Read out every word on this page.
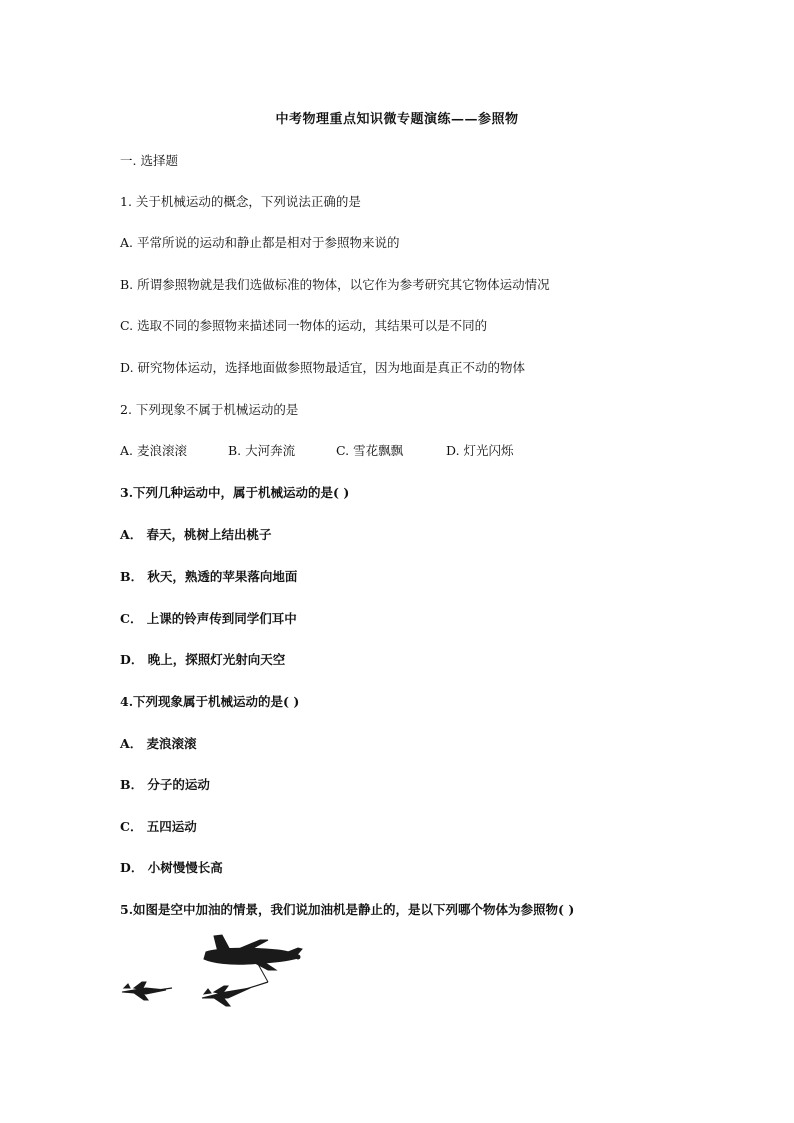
中考物理重点知识微专题演练——参照物
一. 选择题
1. 关于机械运动的概念，下列说法正确的是
A. 平常所说的运动和静止都是相对于参照物来说的
B. 所谓参照物就是我们选做标准的物体，以它作为参考研究其它物体运动情况
C. 选取不同的参照物来描述同一物体的运动，其结果可以是不同的
D. 研究物体运动，选择地面做参照物最适宜，因为地面是真正不动的物体
2. 下列现象不属于机械运动的是
A. 麦浪滚滚	B. 大河奔流	C. 雪花飘飘	D. 灯光闪烁
3.下列几种运动中，属于机械运动的是( )
A． 春天，桃树上结出桃子
B． 秋天，熟透的苹果落向地面
C． 上课的铃声传到同学们耳中
D． 晚上，探照灯光射向天空
4.下列现象属于机械运动的是( )
A． 麦浪滚滚
B． 分子的运动
C． 五四运动
D． 小树慢慢长高
5.如图是空中加油的情景，我们说加油机是静止的，是以下列哪个物体为参照物( )
